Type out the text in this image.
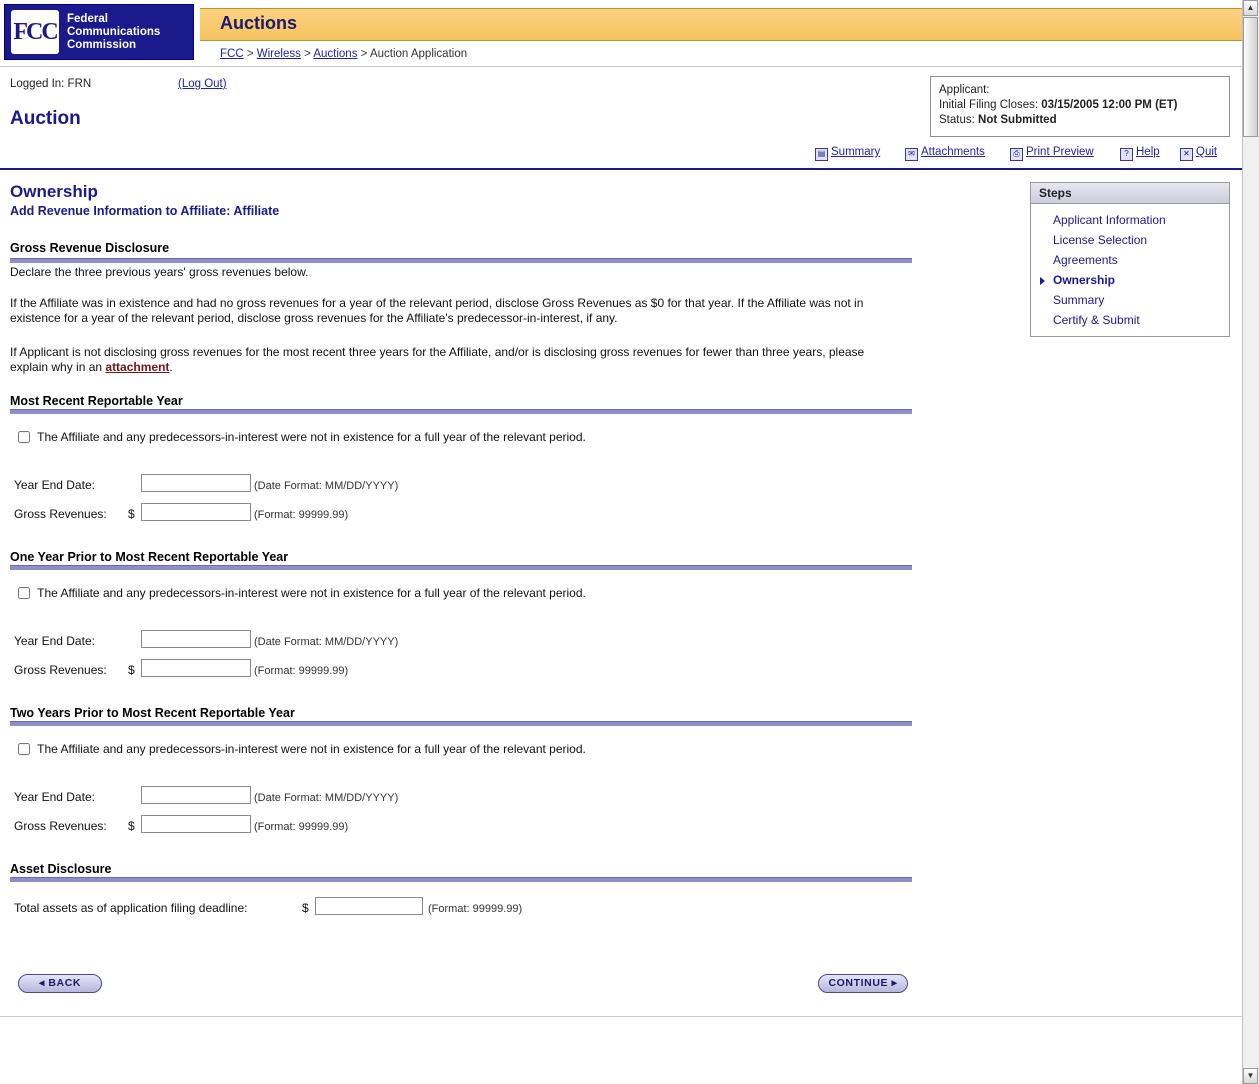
Auctions
FCC Federal
Communications
Commission
FCC > Wireless > Auctions > Auction Application
Logged In: FRN	(Log Out)
Auction
Applicant:
Initial Filing Closes: 03/15/2005 12:00 PM (ET)
Status: Not Submitted
▤ Summary	✉ Attachments	⎙ Print Preview	? Help	✕ Quit
Ownership
Add Revenue Information to Affiliate: Affiliate
Steps
Applicant Information
License Selection
Agreements
Ownership
Summary
Certify & Submit
Gross Revenue Disclosure
Declare the three previous years' gross revenues below.
If the Affiliate was in existence and had no gross revenues for a year of the relevant period, disclose Gross Revenues as $0 for that year. If the Affiliate was not in existence for a year of the relevant period, disclose gross revenues for the Affiliate's predecessor-in-interest, if any.
If Applicant is not disclosing gross revenues for the most recent three years for the Affiliate, and/or is disclosing gross revenues for fewer than three years, please explain why in an attachment.
Most Recent Reportable Year
The Affiliate and any predecessors-in-interest were not in existence for a full year of the relevant period.
Year End Date:	(Date Format: MM/DD/YYYY)
Gross Revenues: $	(Format: 99999.99)
One Year Prior to Most Recent Reportable Year
The Affiliate and any predecessors-in-interest were not in existence for a full year of the relevant period.
Year End Date:	(Date Format: MM/DD/YYYY)
Gross Revenues: $	(Format: 99999.99)
Two Years Prior to Most Recent Reportable Year
The Affiliate and any predecessors-in-interest were not in existence for a full year of the relevant period.
Year End Date:	(Date Format: MM/DD/YYYY)
Gross Revenues: $	(Format: 99999.99)
Asset Disclosure
Total assets as of application filing deadline:	$	(Format: 99999.99)
◂ BACK	CONTINUE ▸
▲
▼
